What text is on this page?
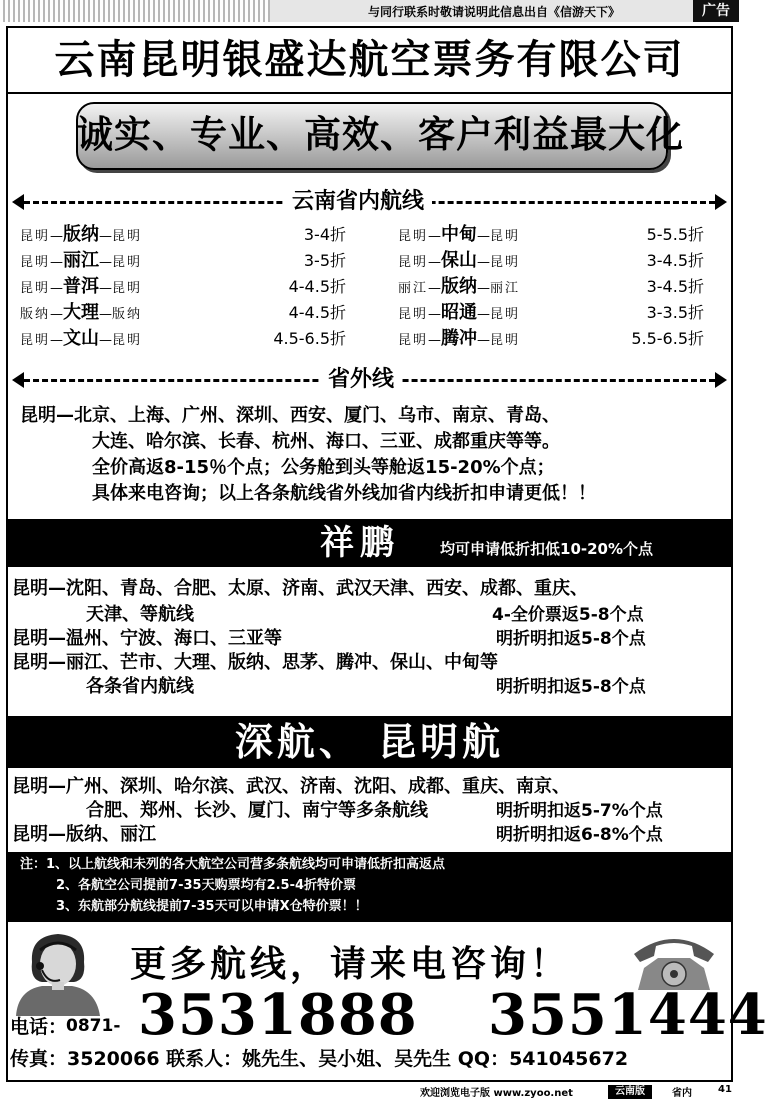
与同行联系时敬请说明此信息出自《信游天下》	广告
云南昆明银盛达航空票务有限公司
诚实、专业、高效、客户利益最大化
云南省内航线
昆明—版纳—昆明	3-4折	昆明—中甸—昆明	5-5.5折
昆明—丽江—昆明	3-5折	昆明—保山—昆明	3-4.5折
昆明—普洱—昆明	4-4.5折	丽江—版纳—丽江	3-4.5折
版纳—大理—版纳	4-4.5折	昆明—昭通—昆明	3-3.5折
昆明—文山—昆明	4.5-6.5折	昆明—腾冲—昆明	5.5-6.5折
省外线
昆明—北京、上海、广州、深圳、西安、厦门、乌市、南京、青岛、
大连、哈尔滨、长春、杭州、海口、三亚、成都重庆等等。
全价高返8-15％个点；公务舱到头等舱返15-20%个点；
具体来电咨询；以上各条航线省外线加省内线折扣申请更低！！
祥鹏	均可申请低折扣低10-20%个点
昆明—沈阳、青岛、合肥、太原、济南、武汉天津、西安、成都、重庆、
天津、等航线	4-全价票返5-8个点
昆明—温州、宁波、海口、三亚等	明折明扣返5-8个点
昆明—丽江、芒市、大理、版纳、思茅、腾冲、保山、中甸等
各条省内航线	明折明扣返5-8个点
深航、 昆明航
昆明—广州、深圳、哈尔滨、武汉、济南、沈阳、成都、重庆、南京、
合肥、郑州、长沙、厦门、南宁等多条航线	明折明扣返5-7%个点
昆明—版纳、丽江	明折明扣返6-8%个点
注：1、以上航线和未列的各大航空公司营多条航线均可申请低折扣高返点
2、各航空公司提前7-35天购票均有2.5-4折特价票
3、东航部分航线提前7-35天可以申请X仓特价票！！
更多航线，请来电咨询！
电话：
0871- 3531888 3551444
传真：3520066 联系人：姚先生、吴小姐、吴先生 QQ：541045672
欢迎浏览电子版 www.zyoo.net	云南版	省内	41
